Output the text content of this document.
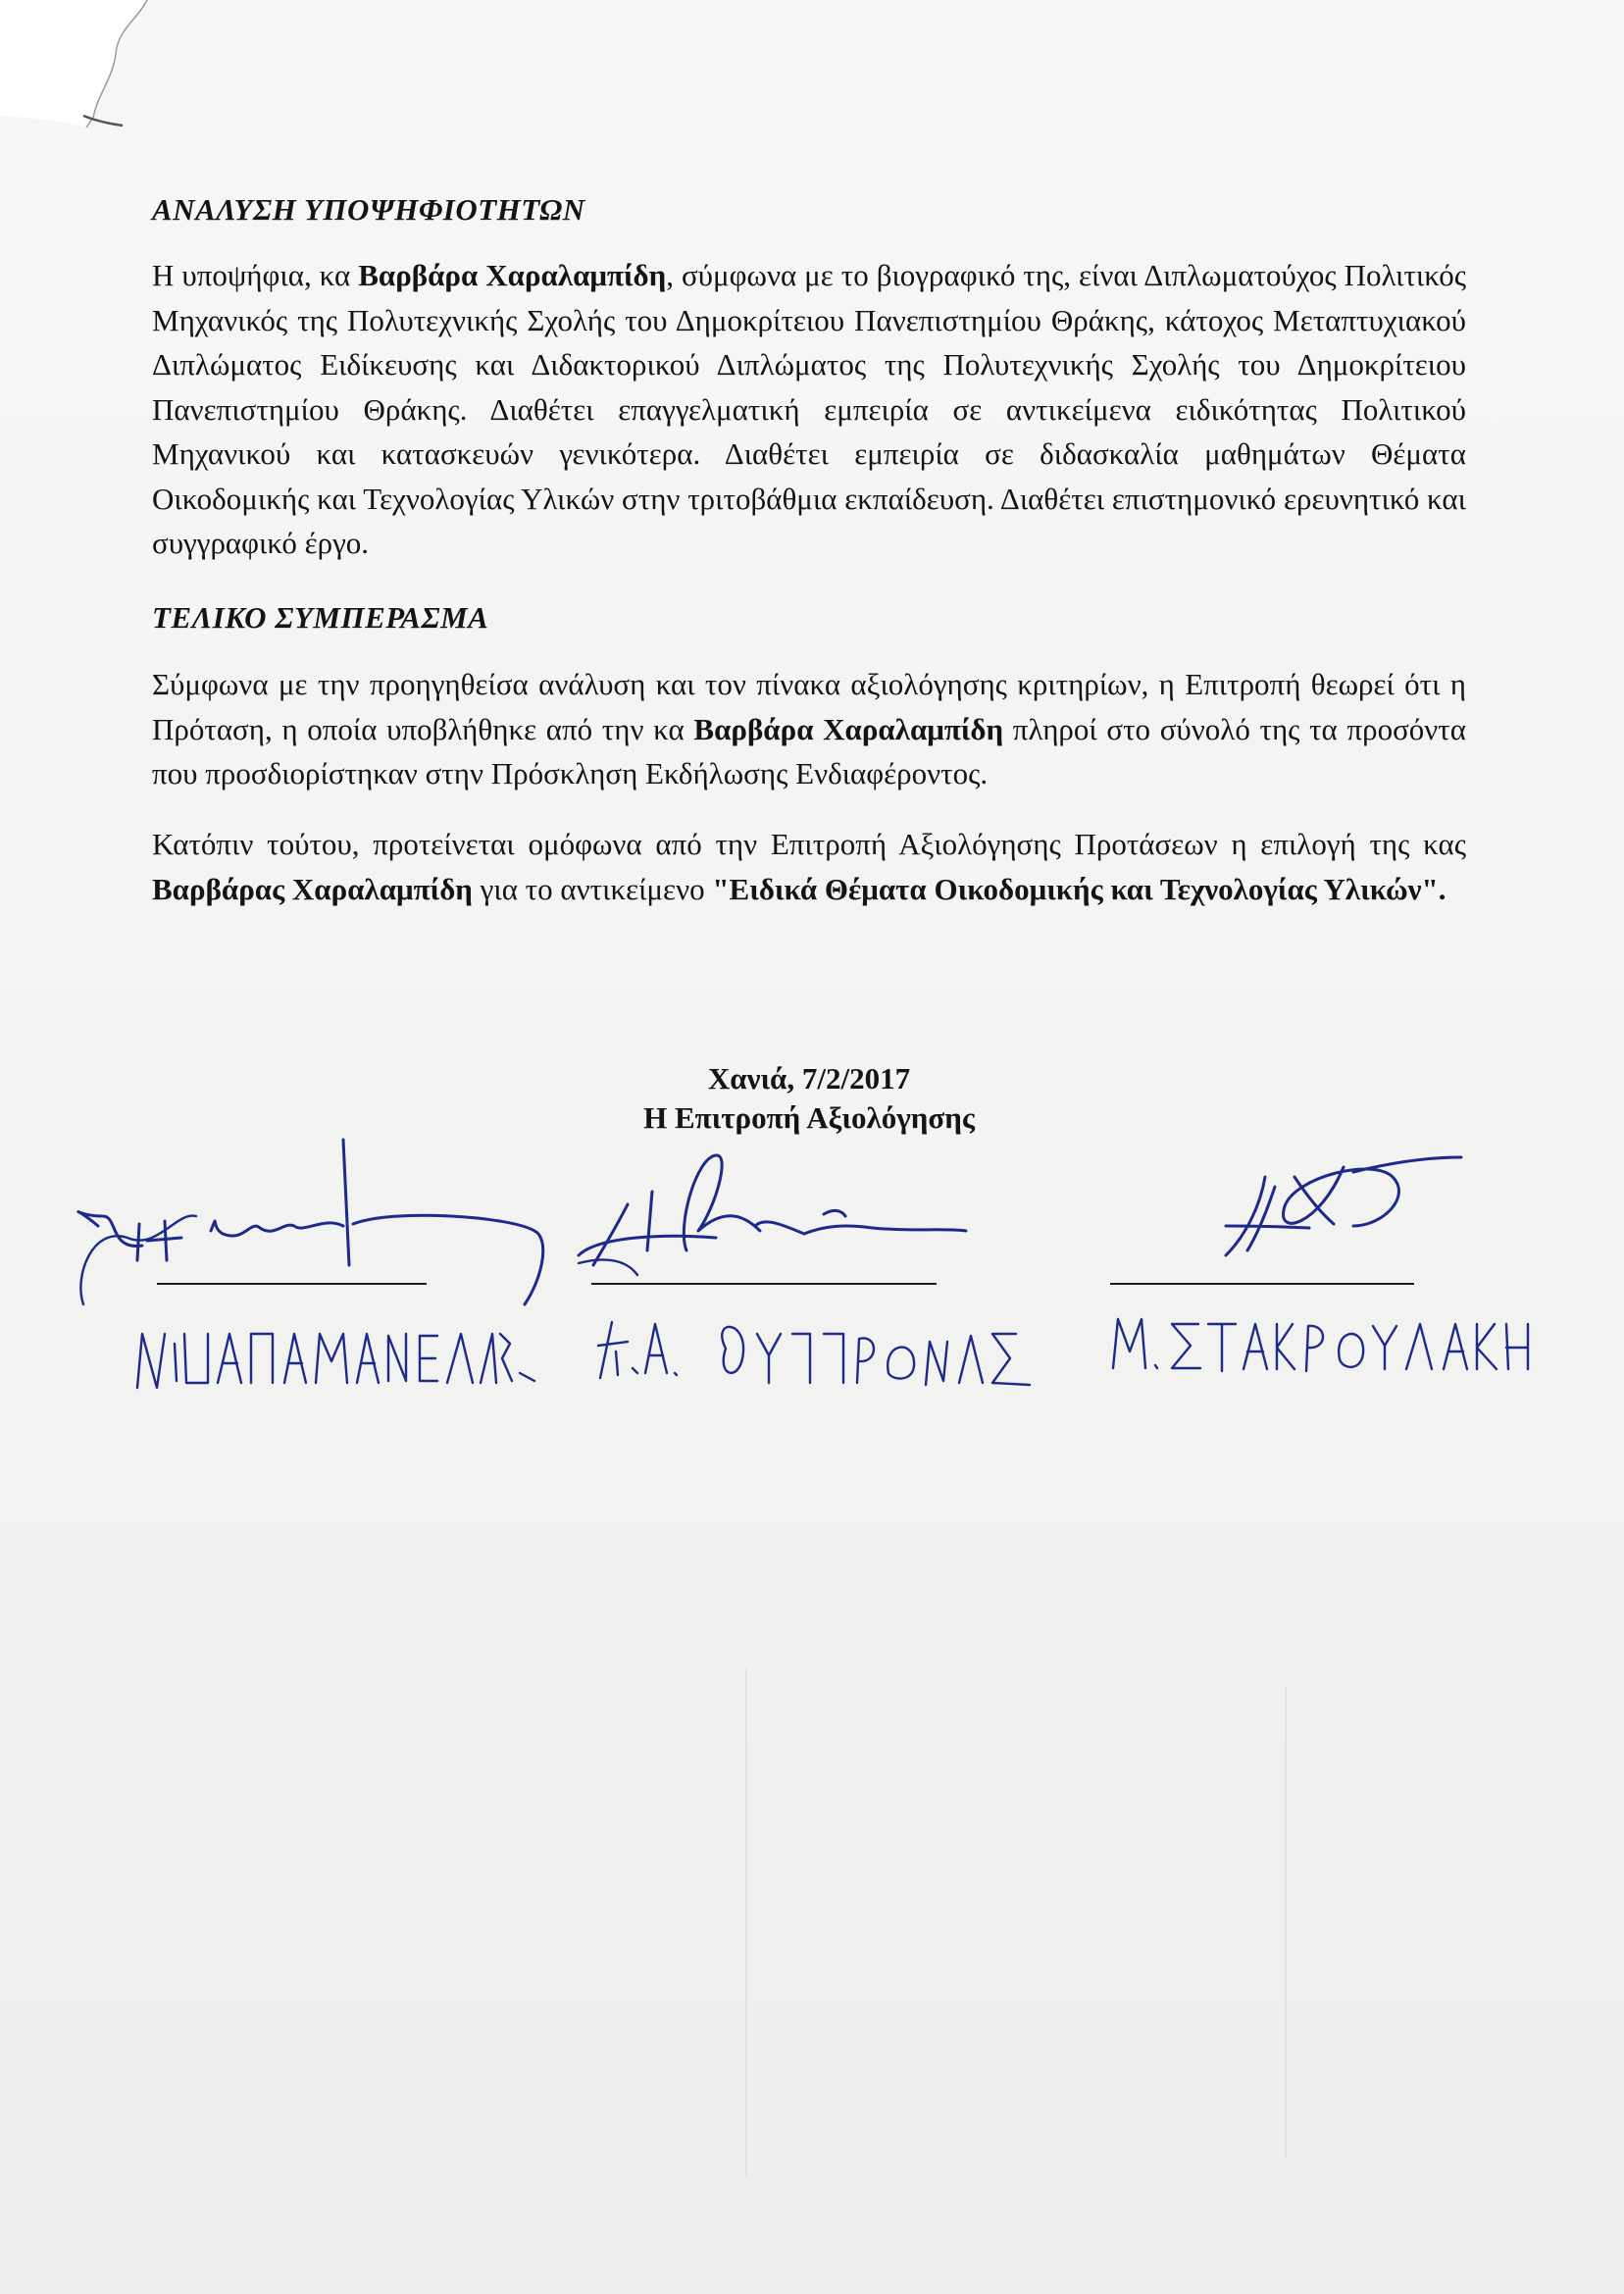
ΑΝΑΛΥΣΗ ΥΠΟΨΗΦΙΟΤΗΤΩΝ

Η υποψήφια, κα Βαρβάρα Χαραλαμπίδη, σύμφωνα με το βιογραφικό της, είναι Διπλωματούχος Πολιτικός Μηχανικός της Πολυτεχνικής Σχολής του Δημοκρίτειου Πανεπιστημίου Θράκης, κάτοχος Μεταπτυχιακού Διπλώματος Ειδίκευσης και Διδακτορικού Διπλώματος της Πολυτεχνικής Σχολής του Δημοκρίτειου Πανεπιστημίου Θράκης. Διαθέτει επαγγελματική εμπειρία σε αντικείμενα ειδικότητας Πολιτικού Μηχανικού και κατασκευών γενικότερα. Διαθέτει εμπειρία σε διδασκαλία μαθημάτων Θέματα Οικοδομικής και Τεχνολογίας Υλικών στην τριτοβάθμια εκπαίδευση. Διαθέτει επιστημονικό ερευνητικό και συγγραφικό έργο.

ΤΕΛΙΚΟ ΣΥΜΠΕΡΑΣΜΑ

Σύμφωνα με την προηγηθείσα ανάλυση και τον πίνακα αξιολόγησης κριτηρίων, η Επιτροπή θεωρεί ότι η Πρόταση, η οποία υποβλήθηκε από την κα Βαρβάρα Χαραλαμπίδη πληροί στο σύνολό της τα προσόντα που προσδιορίστηκαν στην Πρόσκληση Εκδήλωσης Ενδιαφέροντος.

Κατόπιν τούτου, προτείνεται ομόφωνα από την Επιτροπή Αξιολόγησης Προτάσεων η επιλογή της κας Βαρβάρας Χαραλαμπίδη για το αντικείμενο "Ειδικά Θέματα Οικοδομικής και Τεχνολογίας Υλικών".

Χανιά, 7/2/2017

Η Επιτροπή Αξιολόγησης
